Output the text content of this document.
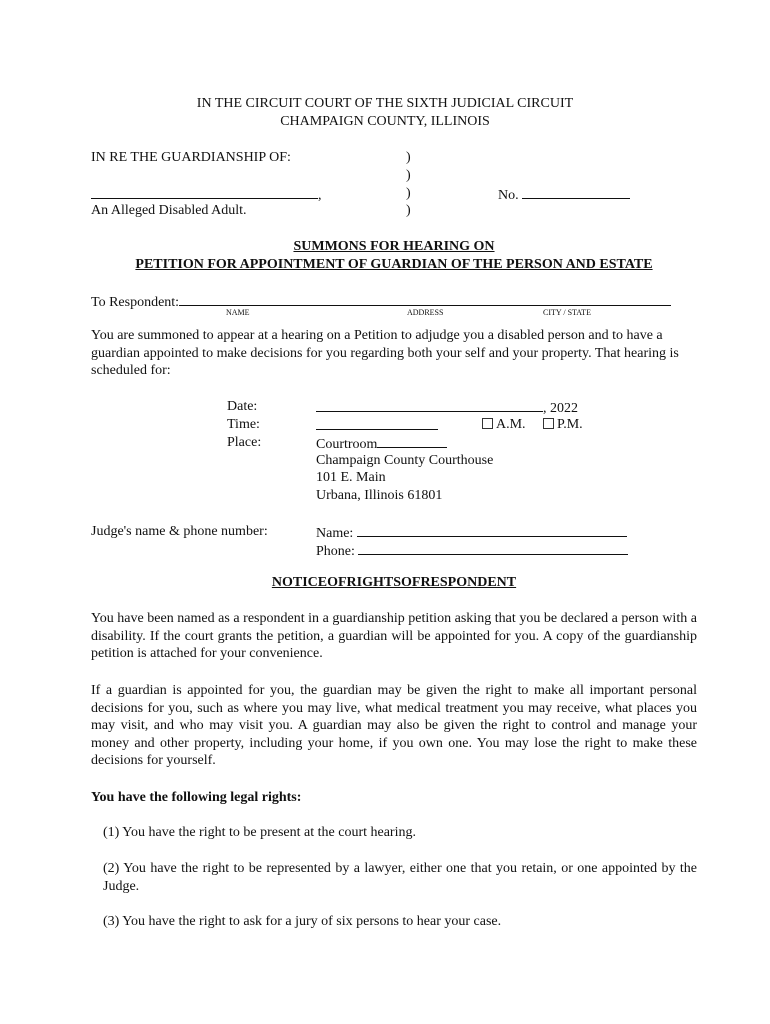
IN THE CIRCUIT COURT OF THE SIXTH JUDICIAL CIRCUIT
CHAMPAIGN COUNTY, ILLINOIS
IN RE THE GUARDIANSHIP OF:
,
An Alleged Disabled Adult.
)
)
)
)
No.
SUMMONS FOR HEARING ON
PETITION FOR APPOINTMENT OF GUARDIAN OF THE PERSON AND ESTATE
To Respondent:
NAME	ADDRESS	CITY / STATE
You are summoned to appear at a hearing on a Petition to adjudge you a disabled person and to have a guardian appointed to make decisions for you regarding both your self and your property. That hearing is scheduled for:
Date:	, 2022
Time:	A.M.	P.M.
Place:	Courtroom
Champaign County Courthouse
101 E. Main
Urbana, Illinois 61801
Judge's name & phone number:	Name:
Phone:
NOTICEOFRIGHTSOFRESPONDENT
You have been named as a respondent in a guardianship petition asking that you be declared a person with a disability. If the court grants the petition, a guardian will be appointed for you. A copy of the guardianship petition is attached for your convenience.
If a guardian is appointed for you, the guardian may be given the right to make all important personal decisions for you, such as where you may live, what medical treatment you may receive, what places you may visit, and who may visit you. A guardian may also be given the right to control and manage your money and other property, including your home, if you own one. You may lose the right to make these decisions for yourself.
You have the following legal rights:
(1) You have the right to be present at the court hearing.
(2) You have the right to be represented by a lawyer, either one that you retain, or one appointed by the Judge.
(3) You have the right to ask for a jury of six persons to hear your case.
